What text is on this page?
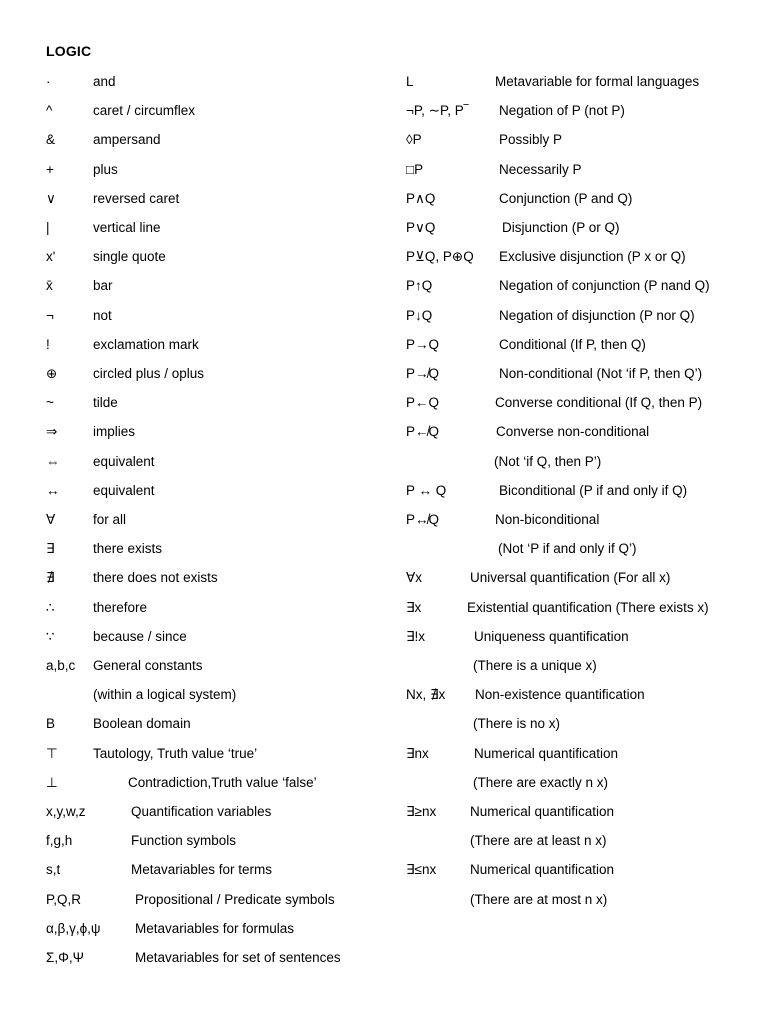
LOGIC
·	and
^	caret / circumflex
&	ampersand
+	plus
∨	reversed caret
|	vertical line
x'	single quote
x̄	bar
¬	not
!	exclamation mark
⊕	circled plus / oplus
~	tilde
⇒	implies
⇔ equivalent
↔ equivalent
∀	for all
∃	there exists
∄	there does not exists
∴	therefore
∵	because / since
a,b,c General constants
(within a logical system)
B	Boolean domain
⊤	Tautology, Truth value ‘true’
⊥	Contradiction,Truth value ‘false’
x,y,w,z	Quantification variables
f,g,h	Function symbols
s,t	Metavariables for terms
P,Q,R	Propositional / Predicate symbols
α,β,γ,ϕ,ψ	Metavariables for formulas
Σ,Φ,Ψ	Metavariables for set of sentences
L	Metavariable for formal languages
¬P, ∼P, P‾ Negation of P (not P)
◊P	Possibly P
□P	Necessarily P
P∧Q	Conjunction (P and Q)
P∨Q	Disjunction (P or Q)
P⊻Q, P⊕Q Exclusive disjunction (P x or Q)
P↑Q	Negation of conjunction (P nand Q)
P↓Q	Negation of disjunction (P nor Q)
P→Q	Conditional (If P, then Q)
P↛Q	Non-conditional (Not ‘if P, then Q’)
P←Q	Converse conditional (If Q, then P)
P↚Q	Converse non-conditional
(Not ‘if Q, then P’)
P ↔ Q	Biconditional (P if and only if Q)
P↮Q	Non-biconditional
(Not ‘P if and only if Q’)
∀x	Universal quantification (For all x)
∃x	Existential quantification (There exists x)
∃!x	Uniqueness quantification
(There is a unique x)
Nx, ∄x Non-existence quantification
(There is no x)
∃nx	Numerical quantification
(There are exactly n x)
∃≥nx	Numerical quantification
(There are at least n x)
∃≤nx	Numerical quantification
(There are at most n x)
